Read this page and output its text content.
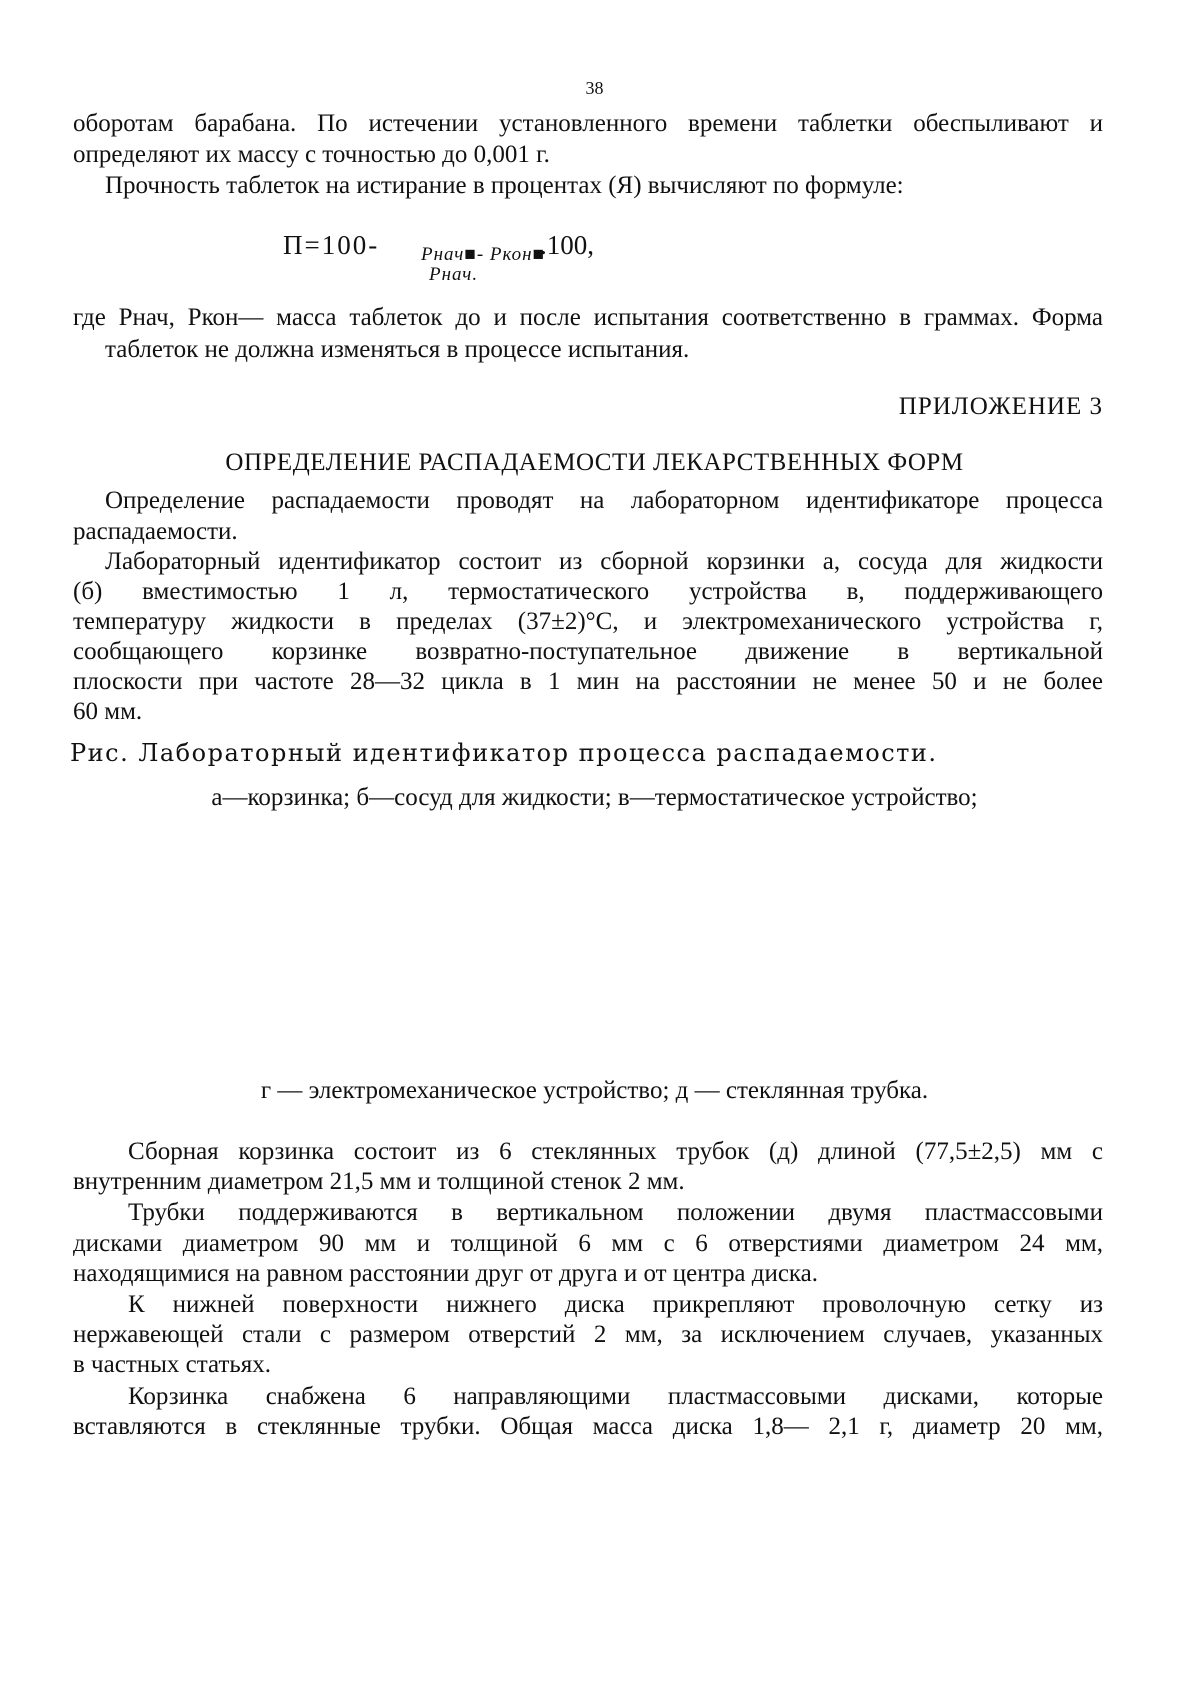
38
оборотам барабана. По истечении установленного времени таблетки обеспыливают и
определяют их массу с точностью до 0,001 г.
Прочность таблеток на истирание в процентах (Я) вычисляют по формуле:
П=100- Рнач■- Ркон■
Рнач.
.100,
где Рнач, Ркон— масса таблеток до и после испытания соответственно в граммах. Форма
таблеток не должна изменяться в процессе испытания.
ПРИЛОЖЕНИЕ 3
ОПРЕДЕЛЕНИЕ РАСПАДАЕМОСТИ ЛЕКАРСТВЕННЫХ ФОРМ
Определение распадаемости проводят на лабораторном идентификаторе процесса
распадаемости.
Лабораторный идентификатор состоит из сборной корзинки а, сосуда для жидкости
(б) вместимостью 1 л, термостатического устройства в, поддерживающего
температуру жидкости в пределах (37±2)°С, и электромеханического устройства г,
сообщающего корзинке возвратно-поступательное движение в вертикальной
плоскости при частоте 28—32 цикла в 1 мин на расстоянии не менее 50 и не более
60 мм.
Рис. Лабораторный идентификатор процесса распадаемости.
а—корзинка; б—сосуд для жидкости; в—термостатическое устройство;
г — электромеханическое устройство; д — стеклянная трубка.
Сборная корзинка состоит из 6 стеклянных трубок (д) длиной (77,5±2,5) мм с
внутренним диаметром 21,5 мм и толщиной стенок 2 мм.
Трубки поддерживаются в вертикальном положении двумя пластмассовыми
дисками диаметром 90 мм и толщиной 6 мм с 6 отверстиями диаметром 24 мм,
находящимися на равном расстоянии друг от друга и от центра диска.
К нижней поверхности нижнего диска прикрепляют проволочную сетку из
нержавеющей стали с размером отверстий 2 мм, за исключением случаев, указанных
в частных статьях.
Корзинка снабжена 6 направляющими пластмассовыми дисками, которые
вставляются в стеклянные трубки. Общая масса диска 1,8— 2,1 г, диаметр 20 мм,
